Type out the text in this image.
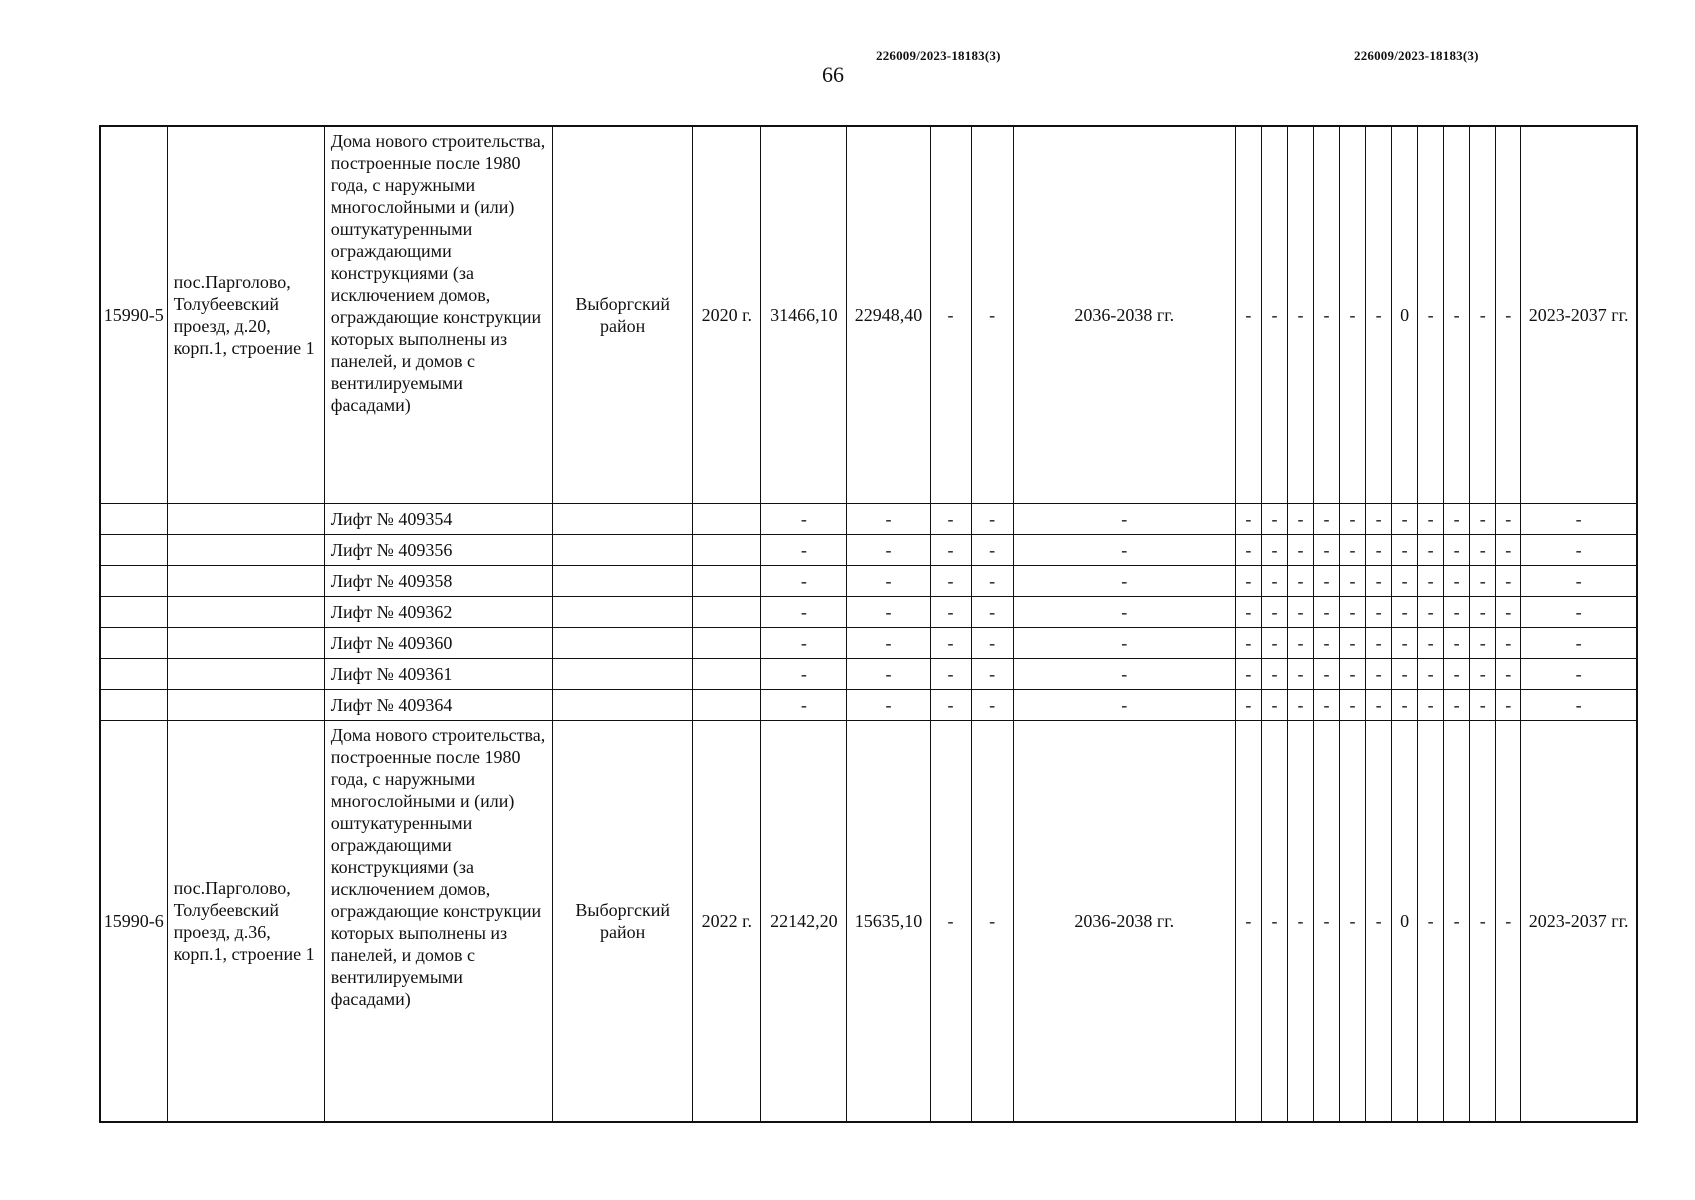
226009/2023-18183(3)	226009/2023-18183(3)
66
15990-5	пос.Парголово, Толубеевский проезд, д.20, корп.1, строение 1	Дома нового строительства, построенные после 1980 года, с наружными многослойными и (или) оштукатуренными ограждающими конструкциями (за исключением домов, ограждающие конструкции которых выполнены из панелей, и домов с вентилируемыми фасадами)	Выборгский район	2020 г.	31466,10	22948,40	-	-	2036-2038 гг.	-	-	-	-	-	-	0	-	-	-	-	2023-2037 гг.
		Лифт № 409354			-	-	-	-	-	-	-	-	-	-	-	-	-	-	-	-	-
		Лифт № 409356			-	-	-	-	-	-	-	-	-	-	-	-	-	-	-	-	-
		Лифт № 409358			-	-	-	-	-	-	-	-	-	-	-	-	-	-	-	-	-
		Лифт № 409362			-	-	-	-	-	-	-	-	-	-	-	-	-	-	-	-	-
		Лифт № 409360			-	-	-	-	-	-	-	-	-	-	-	-	-	-	-	-	-
		Лифт № 409361			-	-	-	-	-	-	-	-	-	-	-	-	-	-	-	-	-
		Лифт № 409364			-	-	-	-	-	-	-	-	-	-	-	-	-	-	-	-	-
15990-6	пос.Парголово, Толубеевский проезд, д.36, корп.1, строение 1	Дома нового строительства, построенные после 1980 года, с наружными многослойными и (или) оштукатуренными ограждающими конструкциями (за исключением домов, ограждающие конструкции которых выполнены из панелей, и домов с вентилируемыми фасадами)	Выборгский район	2022 г.	22142,20	15635,10	-	-	2036-2038 гг.	-	-	-	-	-	-	0	-	-	-	-	2023-2037 гг.
